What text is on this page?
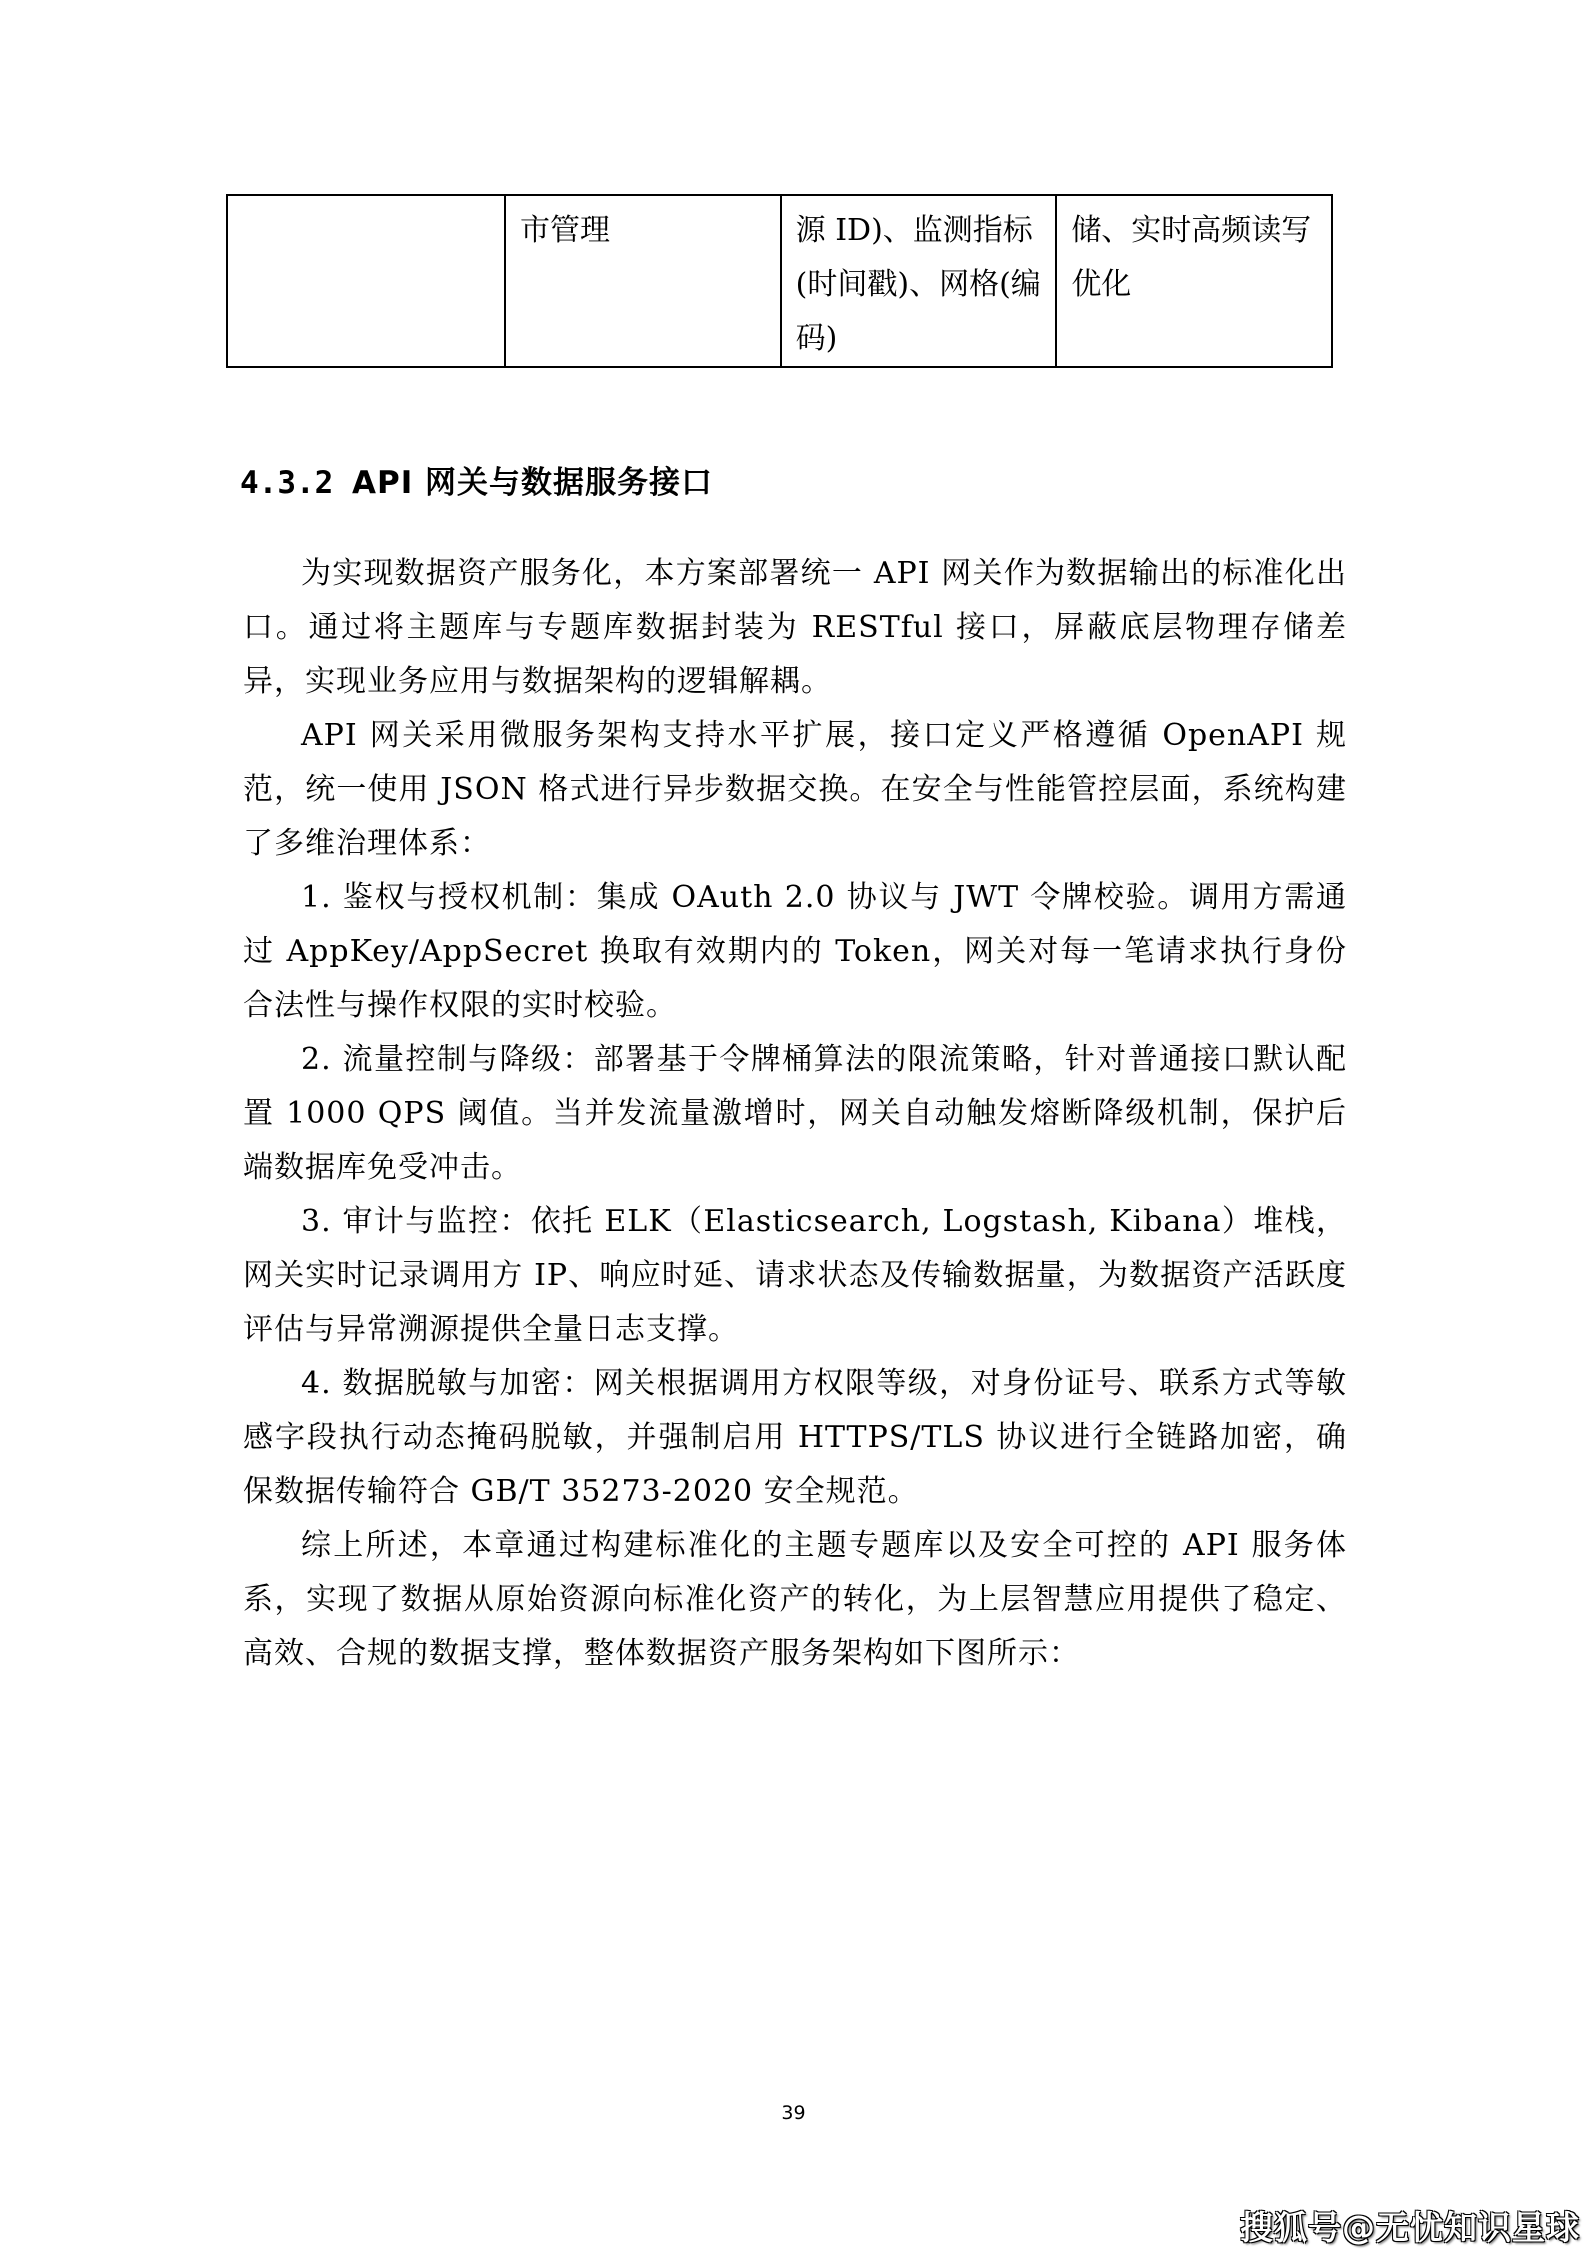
	市管理	源 ID)、监测指标(时间戳)、网格(编码)	储、实时高频读写优化
4.3.2 API 网关与数据服务接口

为实现数据资产服务化，本方案部署统一 API 网关作为数据输出的标准化出口。通过将主题库与专题库数据封装为 RESTful 接口，屏蔽底层物理存储差异，实现业务应用与数据架构的逻辑解耦。

API 网关采用微服务架构支持水平扩展，接口定义严格遵循 OpenAPI 规范，统一使用 JSON 格式进行异步数据交换。在安全与性能管控层面，系统构建了多维治理体系：

1. 鉴权与授权机制：集成 OAuth 2.0 协议与 JWT 令牌校验。调用方需通过 AppKey/AppSecret 换取有效期内的 Token，网关对每一笔请求执行身份合法性与操作权限的实时校验。

2. 流量控制与降级：部署基于令牌桶算法的限流策略，针对普通接口默认配置 1000 QPS 阈值。当并发流量激增时，网关自动触发熔断降级机制，保护后端数据库免受冲击。

3. 审计与监控：依托 ELK（Elasticsearch, Logstash, Kibana）堆栈，网关实时记录调用方 IP、响应时延、请求状态及传输数据量，为数据资产活跃度评估与异常溯源提供全量日志支撑。

4. 数据脱敏与加密：网关根据调用方权限等级，对身份证号、联系方式等敏感字段执行动态掩码脱敏，并强制启用 HTTPS/TLS 协议进行全链路加密，确保数据传输符合 GB/T 35273-2020 安全规范。

综上所述，本章通过构建标准化的主题专题库以及安全可控的 API 服务体系，实现了数据从原始资源向标准化资产的转化，为上层智慧应用提供了稳定、高效、合规的数据支撑，整体数据资产服务架构如下图所示：

39
搜狐号@无忧知识星球
